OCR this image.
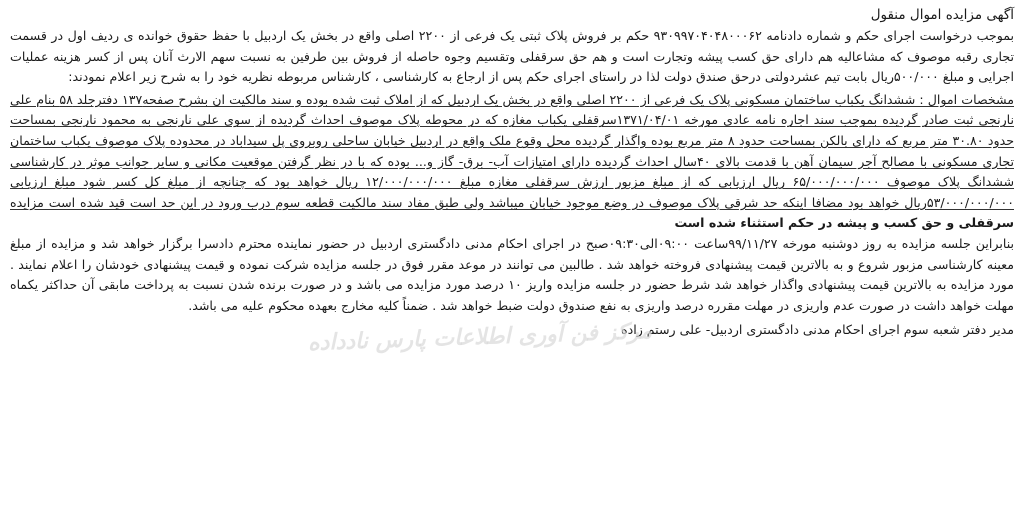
آگهی مزایده اموال منقول

بموجب درخواست اجرای حکم و شماره دادنامه ۹۳۰۹۹۷۰۴۰۴۸۰۰۰۶۲ حکم بر فروش پلاک ثبتی یک فرعی از ۲۲۰۰ اصلی واقع در بخش یک اردبیل با حفظ حقوق خوانده ی ردیف اول در قسمت تجاری رقبه موصوف که مشاعالیه هم دارای حق کسب پیشه وتجارت است و هم حق سرقفلی وتقسیم وجوه حاصله از فروش بین طرفین به نسبت سهم الارث آنان پس از کسر هزینه عملیات اجرایی و مبلغ ۵۰۰/۰۰۰ریال بابت تیم عشردولتی درحق صندق دولت لذا در راستای اجرای حکم پس از ارجاع به کارشناسی ، کارشناس مربوطه نظریه خود را به شرح زیر اعلام نمودند:

مشخصات اموال : ششدانگ یکباب ساختمان مسکونی پلاک یک فرعی از ۲۲۰۰ اصلی واقع در بخش یک اردبیل که از املاک ثبت شده بوده و سند مالکیت ان بشرح صفحه۱۳۷ دفترجلد ۵۸ بنام علی نارنجی ثبت صادر گردیده بموجب سند اجاره نامه عادی مورخه ۱۳۷۱/۰۴/۰۱سرقفلی یکباب مغازه که در محوطه پلاک موصوف احداث گردیده از سوی علی نارنجی به محمود نارنجی بمساحت حدود ۳۰.۸۰ متر مربع که دارای بالکن بمساحت حدود ۸ متر مربع بوده واگذار گردیده محل وقوع ملک واقع در اردبیل خیابان ساحلی روبروی پل سیداباد در محدوده پلاک موصوف یکباب ساختمان تجاری مسکونی با مصالح آجر سیمان آهن با قدمت بالای ۴۰سال احداث گردیده دارای امتیازات آب- برق- گاز و... بوده که با در نظر گرفتن موقعیت مکانی و سایر جوانب موثر در کارشناسی ششدانگ پلاک موصوف ۶۵/۰۰۰/۰۰۰/۰۰۰ ریال ارزیابی که از مبلغ مزبور ارزش سرقفلی مغازه مبلغ ۱۲/۰۰۰/۰۰۰/۰۰۰ ریال خواهد بود که چنانچه از مبلغ کل کسر شود مبلغ ارزیابی ۵۳/۰۰۰/۰۰۰/۰۰۰ریال خواهد بود مضافا اینکه حد شرقی پلاک موصوف در وضع موجود خیابان میباشد ولی طبق مفاد سند مالکیت قطعه سوم درب ورود در این حد است قید شده است مزایده سرقفلی و حق کسب و پیشه در حکم استثناء شده است

بنابراین جلسه مزایده به روز دوشنبه مورخه ۹۹/۱۱/۲۷ساعت ۰۹:۰۰الی۰۹:۳۰صبح در اجرای احکام مدنی دادگستری اردبیل در حضور نماینده محترم دادسرا برگزار خواهد شد و مزایده از مبلغ معینه کارشناسی مزبور شروع و به بالاترین قیمت پیشنهادی فروخته خواهد شد . طالبین می توانند در موعد مقرر فوق در جلسه مزایده شرکت نموده و قیمت پیشنهادی خودشان را اعلام نمایند . مورد مزایده به بالاترین قیمت پیشنهادی واگذار خواهد شد شرط حضور در جلسه مزایده واریز ۱۰ درصد مورد مزایده می باشد و در صورت برنده شدن نسبت به پرداخت مابقی آن حداکثر یکماه مهلت خواهد داشت در صورت عدم واریزی در مهلت مقرره درصد واریزی به نفع صندوق دولت ضبط خواهد شد . ضمناً کلیه مخارج بعهده محکوم علیه می باشد.

مدیر دفتر شعبه سوم اجرای احکام مدنی دادگستری اردبیل- علی رستم زاده

مرکز فن آوری اطلاعات پارس نادداده
